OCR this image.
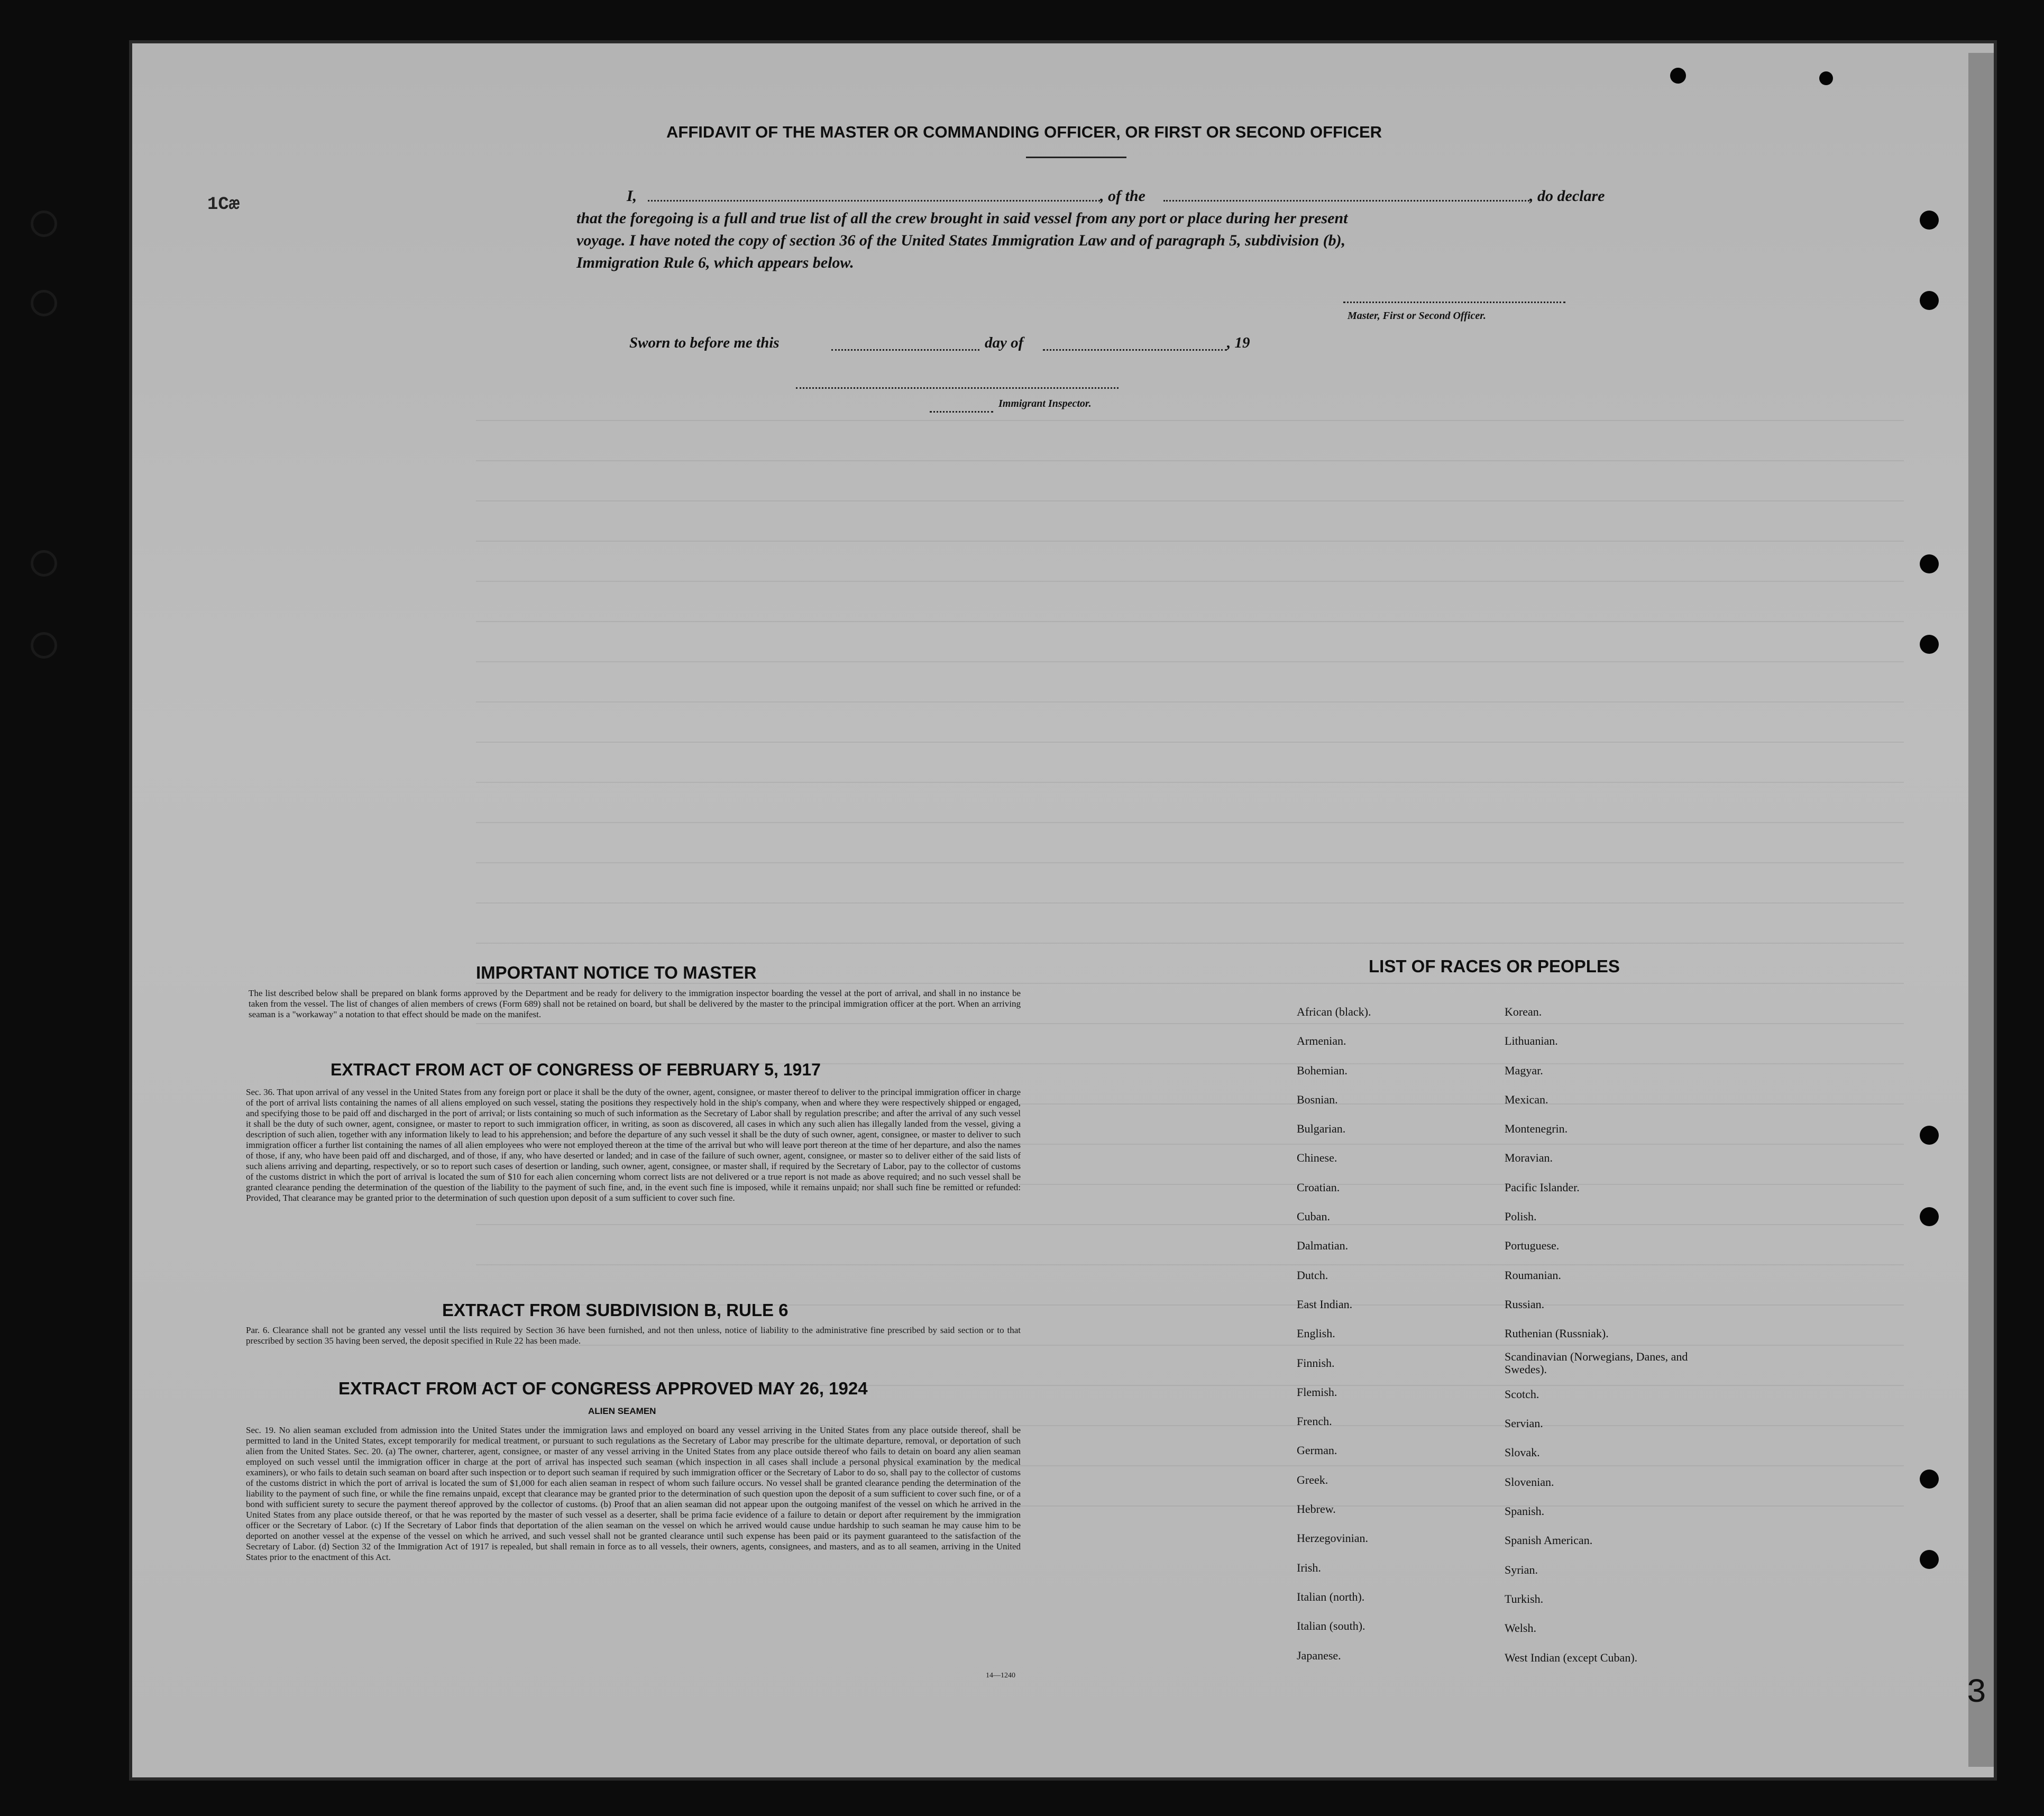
1Cæ
3
AFFIDAVIT OF THE MASTER OR COMMANDING OFFICER, OR FIRST OR SECOND OFFICER
I,	, of the	, do declare
that the foregoing is a full and true list of all the crew brought in said vessel from any port or place during her present
voyage. I have noted the copy of section 36 of the United States Immigration Law and of paragraph 5, subdivision (b),
Immigration Rule 6, which appears below.
Master, First or Second Officer.
Sworn to before me this	day of	, 19
Immigrant Inspector.
IMPORTANT NOTICE TO MASTER
The list described below shall be prepared on blank forms approved by the Department and be ready for delivery to the immigration inspector boarding the vessel at the port of arrival, and shall in no instance be taken from the vessel. The list of changes of alien members of crews (Form 689) shall not be retained on board, but shall be delivered by the master to the principal immigration officer at the port. When an arriving seaman is a "workaway" a notation to that effect should be made on the manifest.
EXTRACT FROM ACT OF CONGRESS OF FEBRUARY 5, 1917
Sec. 36. That upon arrival of any vessel in the United States from any foreign port or place it shall be the duty of the owner, agent, consignee, or master thereof to deliver to the principal immigration officer in charge of the port of arrival lists containing the names of all aliens employed on such vessel, stating the positions they respectively hold in the ship's company, when and where they were respectively shipped or engaged, and specifying those to be paid off and discharged in the port of arrival; or lists containing so much of such information as the Secretary of Labor shall by regulation prescribe; and after the arrival of any such vessel it shall be the duty of such owner, agent, consignee, or master to report to such immigration officer, in writing, as soon as discovered, all cases in which any such alien has illegally landed from the vessel, giving a description of such alien, together with any information likely to lead to his apprehension; and before the departure of any such vessel it shall be the duty of such owner, agent, consignee, or master to deliver to such immigration officer a further list containing the names of all alien employees who were not employed thereon at the time of the arrival but who will leave port thereon at the time of her departure, and also the names of those, if any, who have been paid off and discharged, and of those, if any, who have deserted or landed; and in case of the failure of such owner, agent, consignee, or master so to deliver either of the said lists of such aliens arriving and departing, respectively, or so to report such cases of desertion or landing, such owner, agent, consignee, or master shall, if required by the Secretary of Labor, pay to the collector of customs of the customs district in which the port of arrival is located the sum of $10 for each alien concerning whom correct lists are not delivered or a true report is not made as above required; and no such vessel shall be granted clearance pending the determination of the question of the liability to the payment of such fine, and, in the event such fine is imposed, while it remains unpaid; nor shall such fine be remitted or refunded: Provided, That clearance may be granted prior to the determination of such question upon deposit of a sum sufficient to cover such fine.
EXTRACT FROM SUBDIVISION B, RULE 6
Par. 6. Clearance shall not be granted any vessel until the lists required by Section 36 have been furnished, and not then unless, notice of liability to the administrative fine prescribed by said section or to that prescribed by section 35 having been served, the deposit specified in Rule 22 has been made.
EXTRACT FROM ACT OF CONGRESS APPROVED MAY 26, 1924
ALIEN SEAMEN
Sec. 19. No alien seaman excluded from admission into the United States under the immigration laws and employed on board any vessel arriving in the United States from any place outside thereof, shall be permitted to land in the United States, except temporarily for medical treatment, or pursuant to such regulations as the Secretary of Labor may prescribe for the ultimate departure, removal, or deportation of such alien from the United States. Sec. 20. (a) The owner, charterer, agent, consignee, or master of any vessel arriving in the United States from any place outside thereof who fails to detain on board any alien seaman employed on such vessel until the immigration officer in charge at the port of arrival has inspected such seaman (which inspection in all cases shall include a personal physical examination by the medical examiners), or who fails to detain such seaman on board after such inspection or to deport such seaman if required by such immigration officer or the Secretary of Labor to do so, shall pay to the collector of customs of the customs district in which the port of arrival is located the sum of $1,000 for each alien seaman in respect of whom such failure occurs. No vessel shall be granted clearance pending the determination of the liability to the payment of such fine, or while the fine remains unpaid, except that clearance may be granted prior to the determination of such question upon the deposit of a sum sufficient to cover such fine, or of a bond with sufficient surety to secure the payment thereof approved by the collector of customs. (b) Proof that an alien seaman did not appear upon the outgoing manifest of the vessel on which he arrived in the United States from any place outside thereof, or that he was reported by the master of such vessel as a deserter, shall be prima facie evidence of a failure to detain or deport after requirement by the immigration officer or the Secretary of Labor. (c) If the Secretary of Labor finds that deportation of the alien seaman on the vessel on which he arrived would cause undue hardship to such seaman he may cause him to be deported on another vessel at the expense of the vessel on which he arrived, and such vessel shall not be granted clearance until such expense has been paid or its payment guaranteed to the satisfaction of the Secretary of Labor. (d) Section 32 of the Immigration Act of 1917 is repealed, but shall remain in force as to all vessels, their owners, agents, consignees, and masters, and as to all seamen, arriving in the United States prior to the enactment of this Act.
14—1240
LIST OF RACES OR PEOPLES
African (black).
Armenian.
Bohemian.
Bosnian.
Bulgarian.
Chinese.
Croatian.
Cuban.
Dalmatian.
Dutch.
East Indian.
English.
Finnish.
Flemish.
French.
German.
Greek.
Hebrew.
Herzegovinian.
Irish.
Italian (north).
Italian (south).
Japanese.
Korean.
Lithuanian.
Magyar.
Mexican.
Montenegrin.
Moravian.
Pacific Islander.
Polish.
Portuguese.
Roumanian.
Russian.
Ruthenian (Russniak).
Scandinavian (Norwegians, Danes, and Swedes).
Scotch.
Servian.
Slovak.
Slovenian.
Spanish.
Spanish American.
Syrian.
Turkish.
Welsh.
West Indian (except Cuban).
